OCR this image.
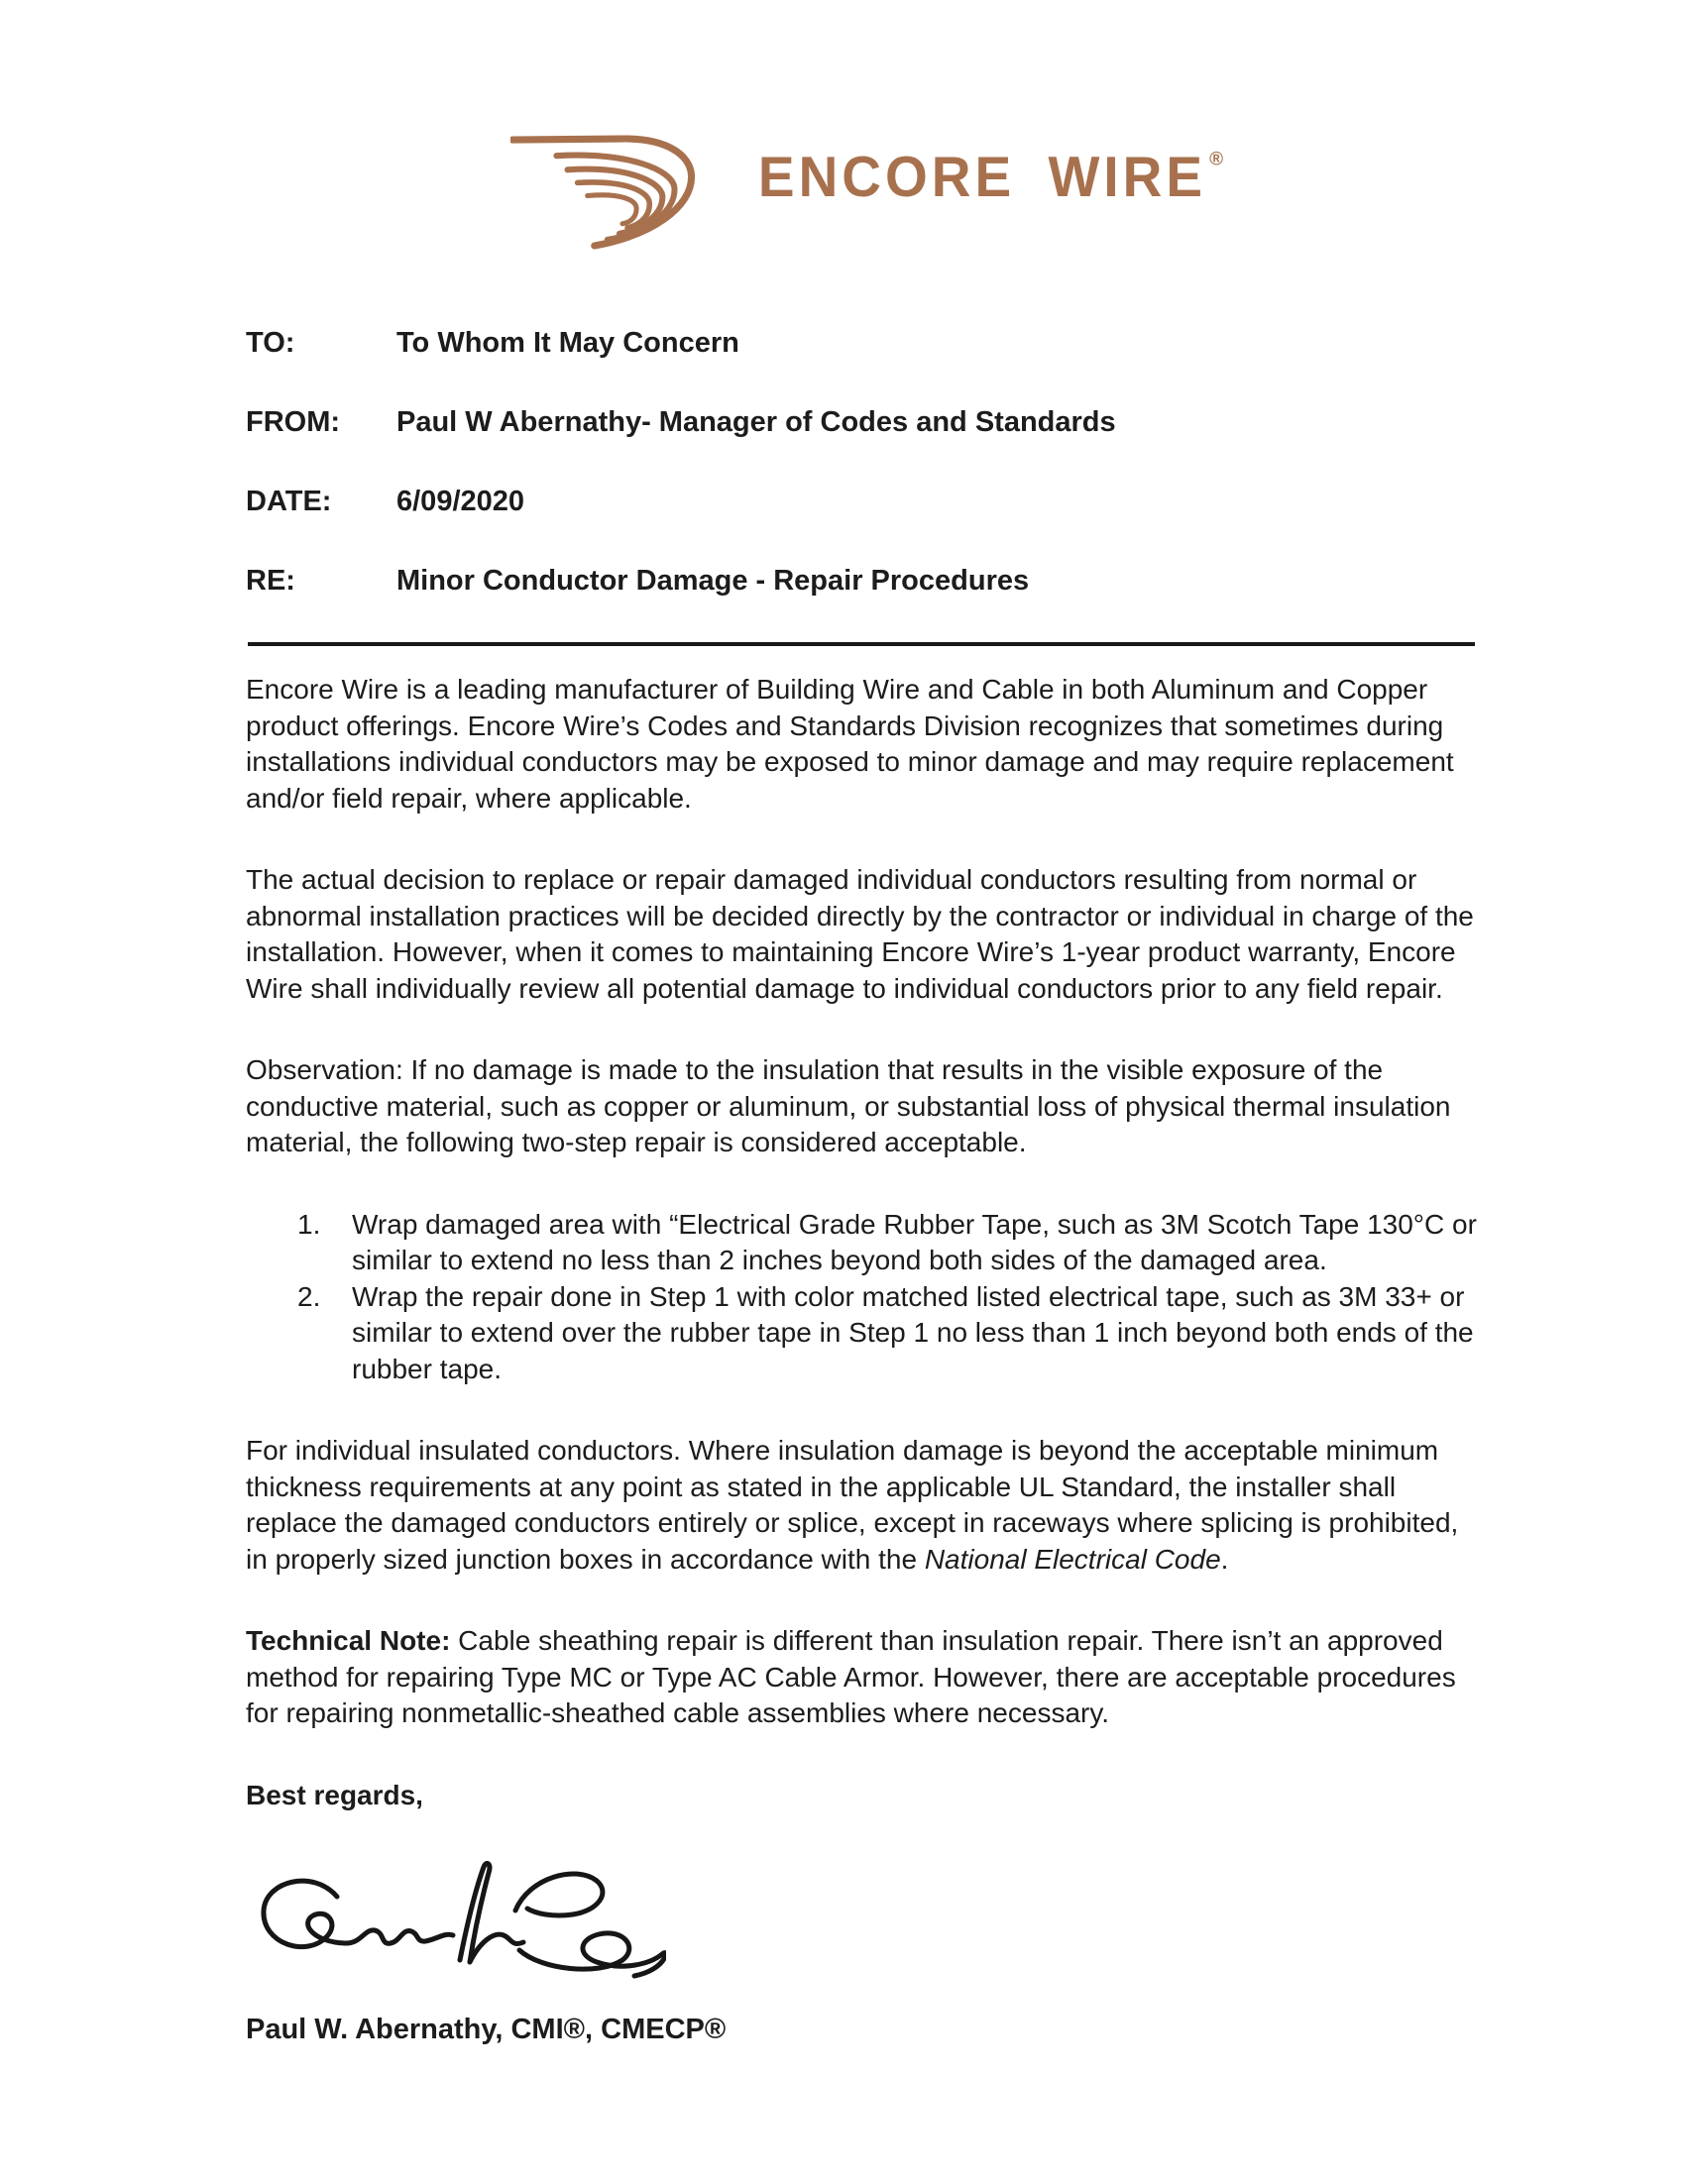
ENCORE WIRE ®
TO:	To Whom It May Concern
FROM:	Paul W Abernathy- Manager of Codes and Standards
DATE:	6/09/2020
RE:	Minor Conductor Damage - Repair Procedures

Encore Wire is a leading manufacturer of Building Wire and Cable in both Aluminum and Copper product offerings. Encore Wire’s Codes and Standards Division recognizes that sometimes during installations individual conductors may be exposed to minor damage and may require replacement and/or field repair, where applicable.

The actual decision to replace or repair damaged individual conductors resulting from normal or abnormal installation practices will be decided directly by the contractor or individual in charge of the installation. However, when it comes to maintaining Encore Wire’s 1-year product warranty, Encore Wire shall individually review all potential damage to individual conductors prior to any field repair.

Observation: If no damage is made to the insulation that results in the visible exposure of the conductive material, such as copper or aluminum, or substantial loss of physical thermal insulation material, the following two-step repair is considered acceptable.

1.	Wrap damaged area with “Electrical Grade Rubber Tape, such as 3M Scotch Tape 130°C or similar to extend no less than 2 inches beyond both sides of the damaged area.
2.	Wrap the repair done in Step 1 with color matched listed electrical tape, such as 3M 33+ or similar to extend over the rubber tape in Step 1 no less than 1 inch beyond both ends of the rubber tape.

For individual insulated conductors. Where insulation damage is beyond the acceptable minimum thickness requirements at any point as stated in the applicable UL Standard, the installer shall replace the damaged conductors entirely or splice, except in raceways where splicing is prohibited, in properly sized junction boxes in accordance with the National Electrical Code.

Technical Note: Cable sheathing repair is different than insulation repair. There isn’t an approved method for repairing Type MC or Type AC Cable Armor. However, there are acceptable procedures for repairing nonmetallic-sheathed cable assemblies where necessary.

Best regards,

Paul W. Abernathy, CMI®, CMECP®
